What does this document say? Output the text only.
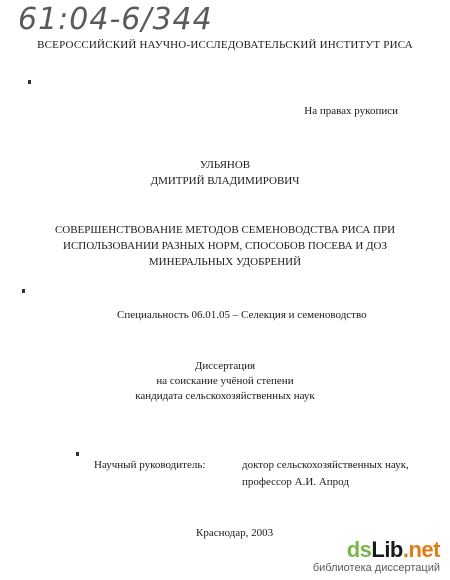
61:04-6/344
ВСЕРОССИЙСКИЙ НАУЧНО-ИССЛЕДОВАТЕЛЬСКИЙ ИНСТИТУТ РИСА
На правах рукописи
УЛЬЯНОВ
ДМИТРИЙ ВЛАДИМИРОВИЧ
СОВЕРШЕНСТВОВАНИЕ МЕТОДОВ СЕМЕНОВОДСТВА РИСА ПРИ
ИСПОЛЬЗОВАНИИ РАЗНЫХ НОРМ, СПОСОБОВ ПОСЕВА И ДОЗ
МИНЕРАЛЬНЫХ УДОБРЕНИЙ
Специальность 06.01.05 – Селекция и семеноводство
Диссертация
на соискание учёной степени
кандидата сельскохозяйственных наук
Научный руководитель:	доктор сельскохозяйственных наук,
профессор А.И. Апрод
Краснодар, 2003
dsLib.net
библиотека диссертаций
